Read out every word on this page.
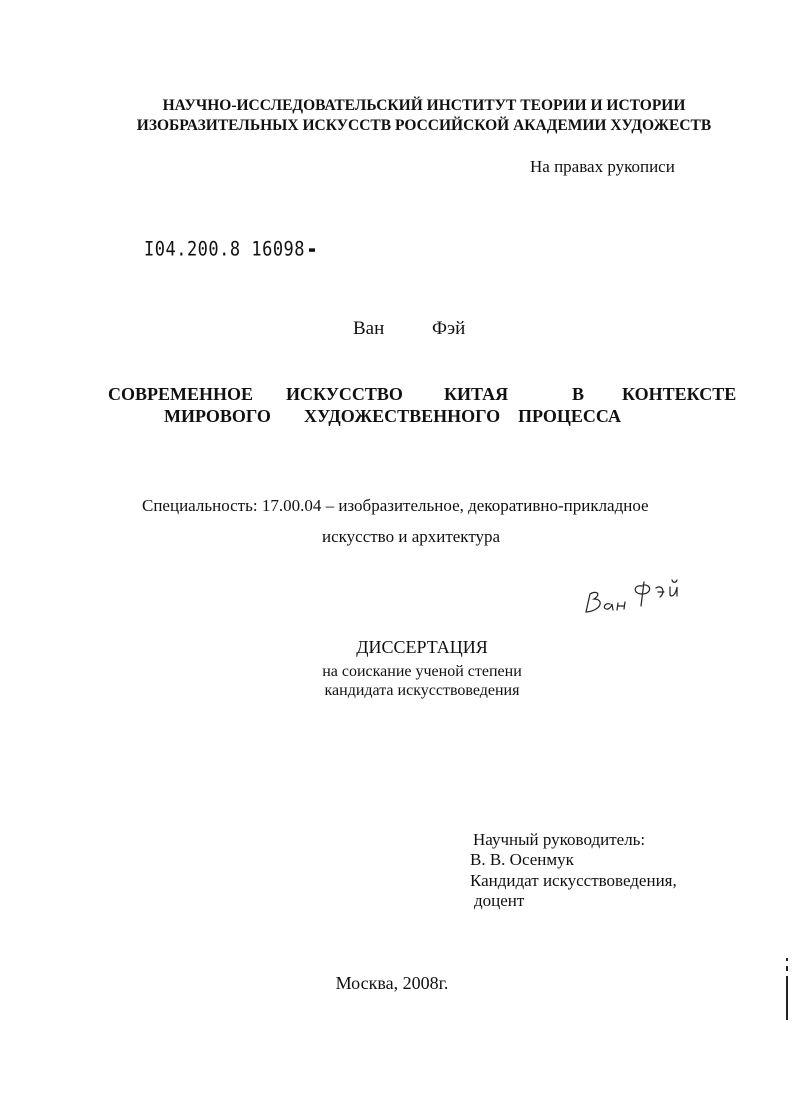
НАУЧНО-ИССЛЕДОВАТЕЛЬСКИЙ ИНСТИТУТ ТЕОРИИ И ИСТОРИИ
ИЗОБРАЗИТЕЛЬНЫХ ИСКУССТВ РОССИЙСКОЙ АКАДЕМИИ ХУДОЖЕСТВ
На правах рукописи
I04.200.8 16098
Ван	Фэй
СОВРЕМЕННОЕ ИСКУССТВО КИТАЯ	В КОНТЕКСТЕ
МИРОВОГО ХУДОЖЕСТВЕННОГО ПРОЦЕССА
Специальность: 17.00.04 – изобразительное, декоративно-прикладное
искусство и архитектура
ДИССЕРТАЦИЯ
на соискание ученой степени
кандидата искусствоведения
Научный руководитель:
В. В. Осенмук
Кандидат искусствоведения,
доцент
Москва, 2008г.
